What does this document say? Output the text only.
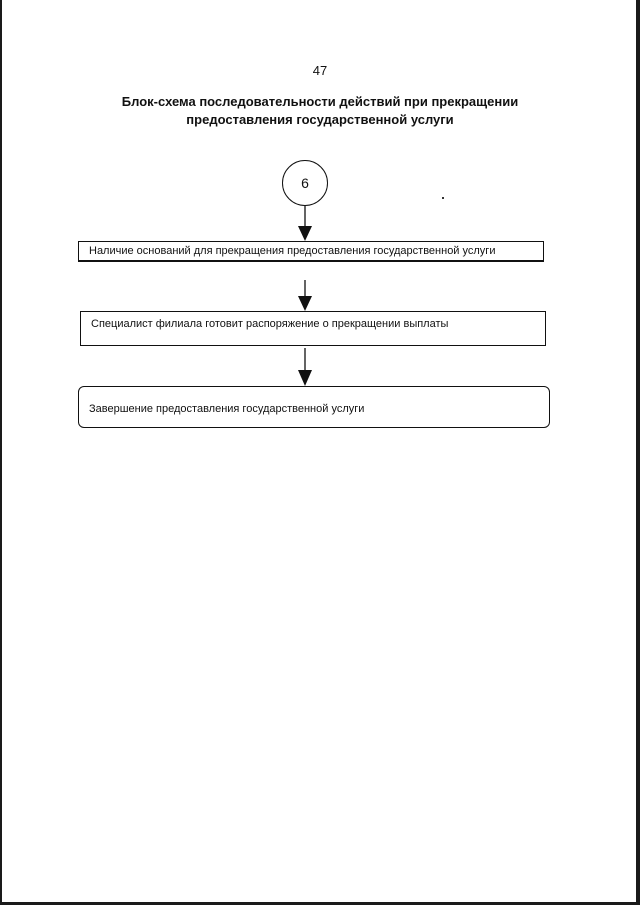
47
Блок-схема последовательности действий при прекращении
предоставления государственной услуги
6
Наличие оснований для прекращения предоставления государственной услуги
Специалист филиала готовит распоряжение о прекращении выплаты
Завершение предоставления государственной услуги
